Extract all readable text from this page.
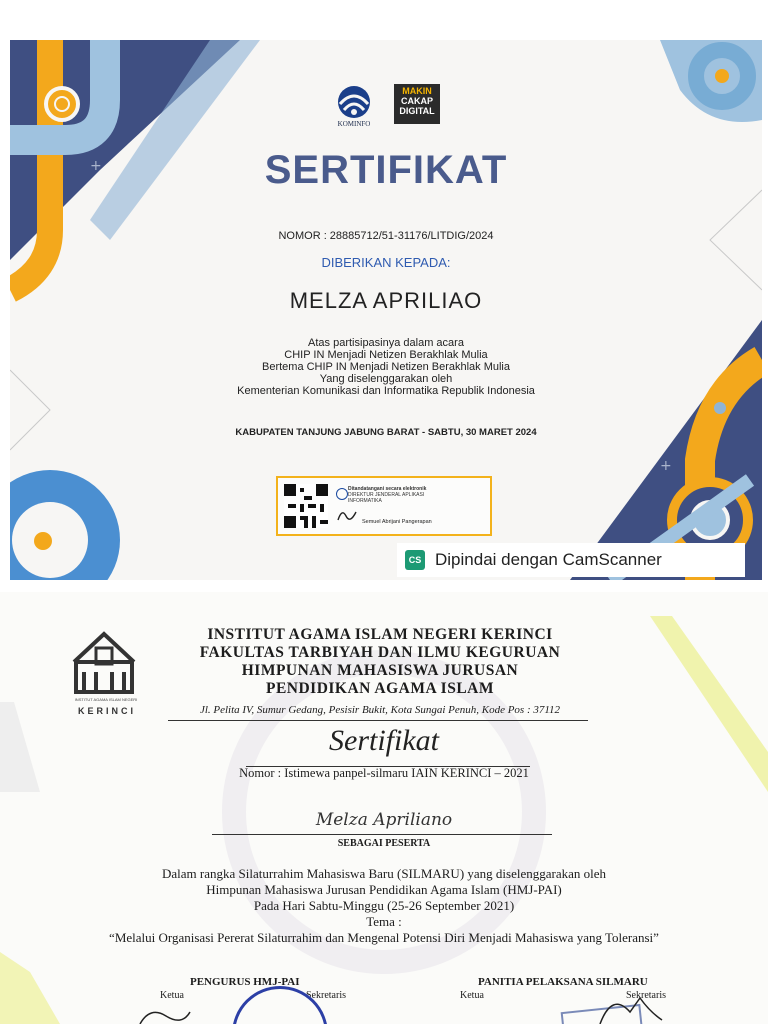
+
+
KOMINFO
MAKIN
CAKAP
DIGITAL
SERTIFIKAT
NOMOR : 28885712/51-31176/LITDIG/2024
DIBERIKAN KEPADA:
MELZA APRILIAO
Atas partisipasinya dalam acara
CHIP IN Menjadi Netizen Berakhlak Mulia
Bertema CHIP IN Menjadi Netizen Berakhlak Mulia
Yang diselenggarakan oleh
Kementerian Komunikasi dan Informatika Republik Indonesia
KABUPATEN TANJUNG JABUNG BARAT - SABTU, 30 MARET 2024
Ditandatangani secara elektronik
DIREKTUR JENDERAL APLIKASI
INFORMATIKA
Semuel Abrijani Pangerapan
CS Dipindai dengan CamScanner
INSTITUT AGAMA ISLAM NEGERI
KERINCI
INSTITUT AGAMA ISLAM NEGERI KERINCI
FAKULTAS TARBIYAH DAN ILMU KEGURUAN
HIMPUNAN MAHASISWA JURUSAN
PENDIDIKAN AGAMA ISLAM
Jl. Pelita IV, Sumur Gedang, Pesisir Bukit, Kota Sungai Penuh, Kode Pos : 37112
Sertifikat
Nomor : Istimewa panpel-silmaru IAIN KERINCI – 2021
Melza Apriliano
SEBAGAI PESERTA
Dalam rangka Silaturrahim Mahasiswa Baru (SILMARU) yang diselenggarakan oleh
Himpunan Mahasiswa Jurusan Pendidikan Agama Islam (HMJ-PAI)
Pada Hari Sabtu-Minggu (25-26 September 2021)
Tema :
“Melalui Organisasi Pererat Silaturrahim dan Mengenal Potensi Diri Menjadi Mahasiswa yang Toleransi”
PENGURUS HMJ-PAI
Ketua	Sekretaris
PANITIA PELAKSANA SILMARU
Ketua	Sekretaris
